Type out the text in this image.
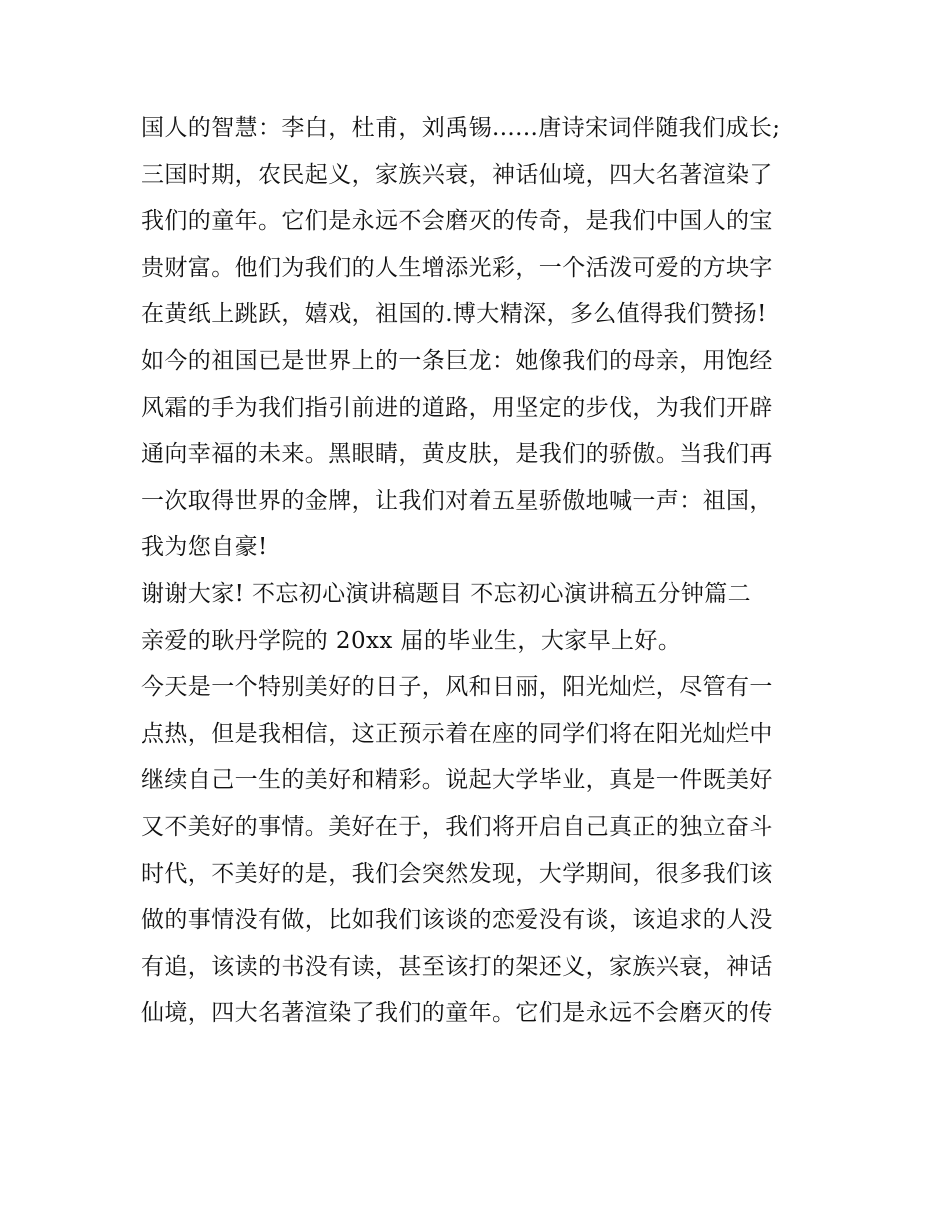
国人的智慧：李白，杜甫，刘禹锡......唐诗宋词伴随我们成长;
三国时期，农民起义，家族兴衰，神话仙境，四大名著渲染了
我们的童年。它们是永远不会磨灭的传奇，是我们中国人的宝
贵财富。他们为我们的人生增添光彩，一个活泼可爱的方块字
在黄纸上跳跃，嬉戏，祖国的.博大精深，多么值得我们赞扬!
如今的祖国已是世界上的一条巨龙：她像我们的母亲，用饱经
风霜的手为我们指引前进的道路，用坚定的步伐，为我们开辟
通向幸福的未来。黑眼睛，黄皮肤，是我们的骄傲。当我们再
一次取得世界的金牌，让我们对着五星骄傲地喊一声：祖国，
我为您自豪!
谢谢大家! 不忘初心演讲稿题目 不忘初心演讲稿五分钟篇二
亲爱的耿丹学院的 20xx 届的毕业生，大家早上好。
今天是一个特别美好的日子，风和日丽，阳光灿烂，尽管有一
点热，但是我相信，这正预示着在座的同学们将在阳光灿烂中
继续自己一生的美好和精彩。说起大学毕业，真是一件既美好
又不美好的事情。美好在于，我们将开启自己真正的独立奋斗
时代，不美好的是，我们会突然发现，大学期间，很多我们该
做的事情没有做，比如我们该谈的恋爱没有谈，该追求的人没
有追，该读的书没有读，甚至该打的架还义，家族兴衰，神话
仙境，四大名著渲染了我们的童年。它们是永远不会磨灭的传
